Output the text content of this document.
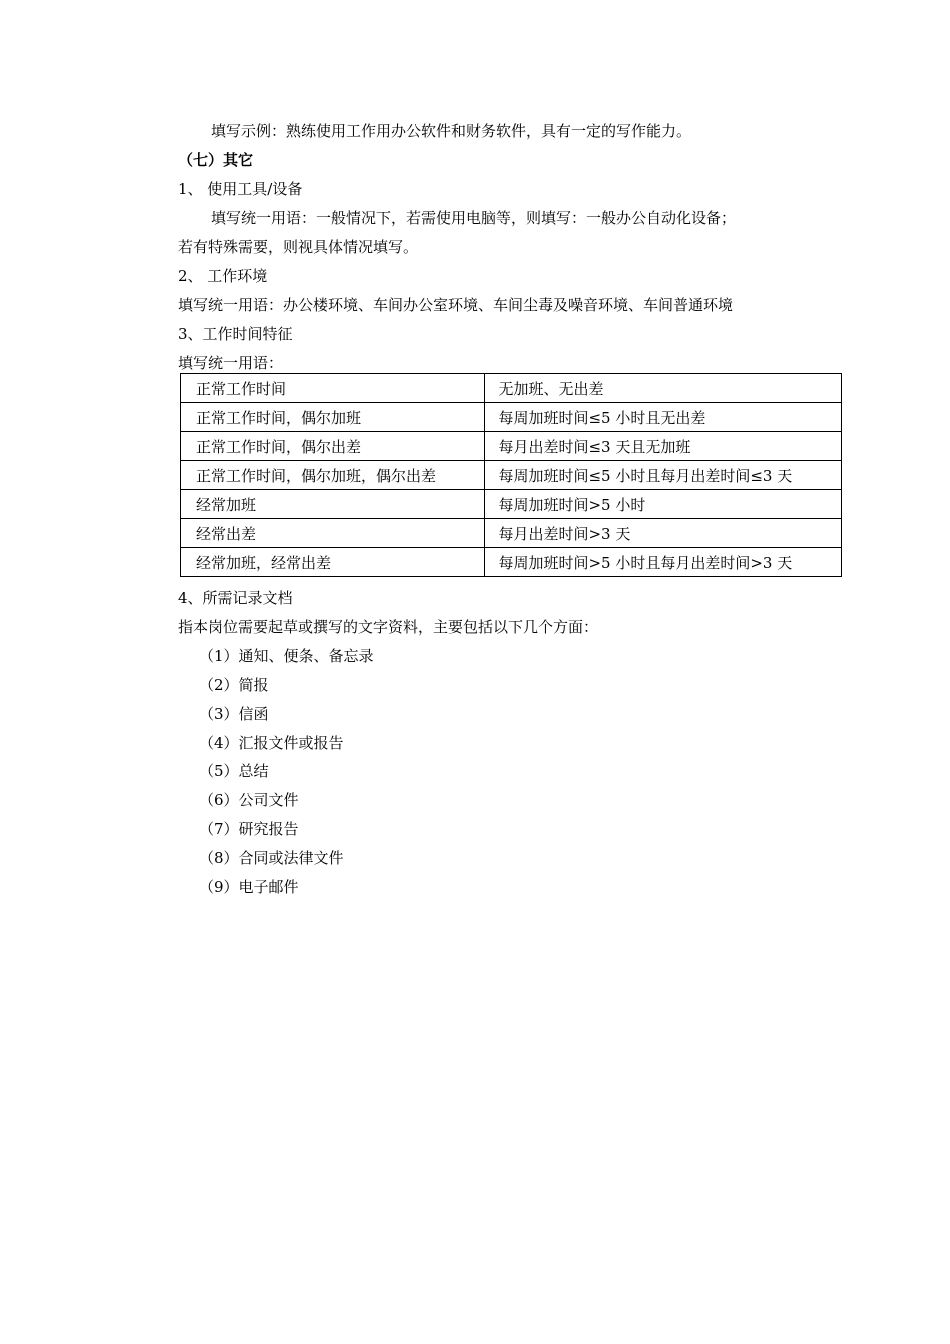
填写示例：熟练使用工作用办公软件和财务软件，具有一定的写作能力。
（七）其它
1、 使用工具/设备
填写统一用语：一般情况下，若需使用电脑等，则填写：一般办公自动化设备；
若有特殊需要，则视具体情况填写。
2、 工作环境
填写统一用语：办公楼环境、车间办公室环境、车间尘毒及噪音环境、车间普通环境
3、工作时间特征
填写统一用语：
正常工作时间	无加班、无出差
正常工作时间，偶尔加班	每周加班时间≤5 小时且无出差
正常工作时间，偶尔出差	每月出差时间≤3 天且无加班
正常工作时间，偶尔加班，偶尔出差	每周加班时间≤5 小时且每月出差时间≤3 天
经常加班	每周加班时间>5 小时
经常出差	每月出差时间>3 天
经常加班，经常出差	每周加班时间>5 小时且每月出差时间>3 天
4、所需记录文档
指本岗位需要起草或撰写的文字资料，主要包括以下几个方面：
（1）通知、便条、备忘录
（2）简报
（3）信函
（4）汇报文件或报告
（5）总结
（6）公司文件
（7）研究报告
（8）合同或法律文件
（9）电子邮件
